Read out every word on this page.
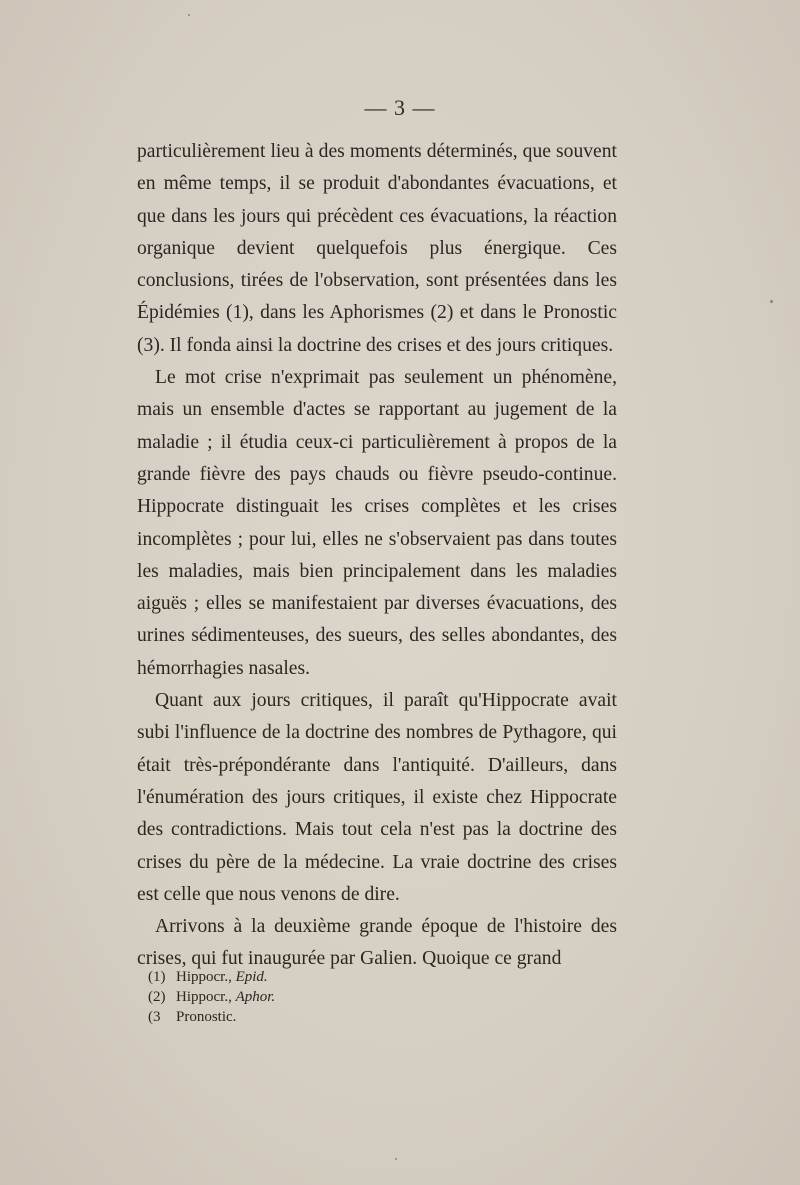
— 3 —

particulièrement lieu à des moments déterminés, que souvent en même temps, il se produit d'abondantes évacuations, et que dans les jours qui précèdent ces évacuations, la réaction organique devient quelquefois plus énergique. Ces conclusions, tirées de l'observation, sont présentées dans les Épidémies (1), dans les Aphorismes (2) et dans le Pronostic (3). Il fonda ainsi la doctrine des crises et des jours critiques.

Le mot crise n'exprimait pas seulement un phénomène, mais un ensemble d'actes se rapportant au jugement de la maladie ; il étudia ceux-ci particulièrement à propos de la grande fièvre des pays chauds ou fièvre pseudo-continue. Hippocrate distinguait les crises complètes et les crises incomplètes ; pour lui, elles ne s'observaient pas dans toutes les maladies, mais bien principalement dans les maladies aiguës ; elles se manifestaient par diverses évacuations, des urines sédimenteuses, des sueurs, des selles abondantes, des hémorrhagies nasales.

Quant aux jours critiques, il paraît qu'Hippocrate avait subi l'influence de la doctrine des nombres de Pythagore, qui était très-prépondérante dans l'antiquité. D'ailleurs, dans l'énumération des jours critiques, il existe chez Hippocrate des contradictions. Mais tout cela n'est pas la doctrine des crises du père de la médecine. La vraie doctrine des crises est celle que nous venons de dire.

Arrivons à la deuxième grande époque de l'histoire des crises, qui fut inaugurée par Galien. Quoique ce grand

(1) Hippocr., Epid.
(2) Hippocr., Aphor.
(3	Pronostic.
